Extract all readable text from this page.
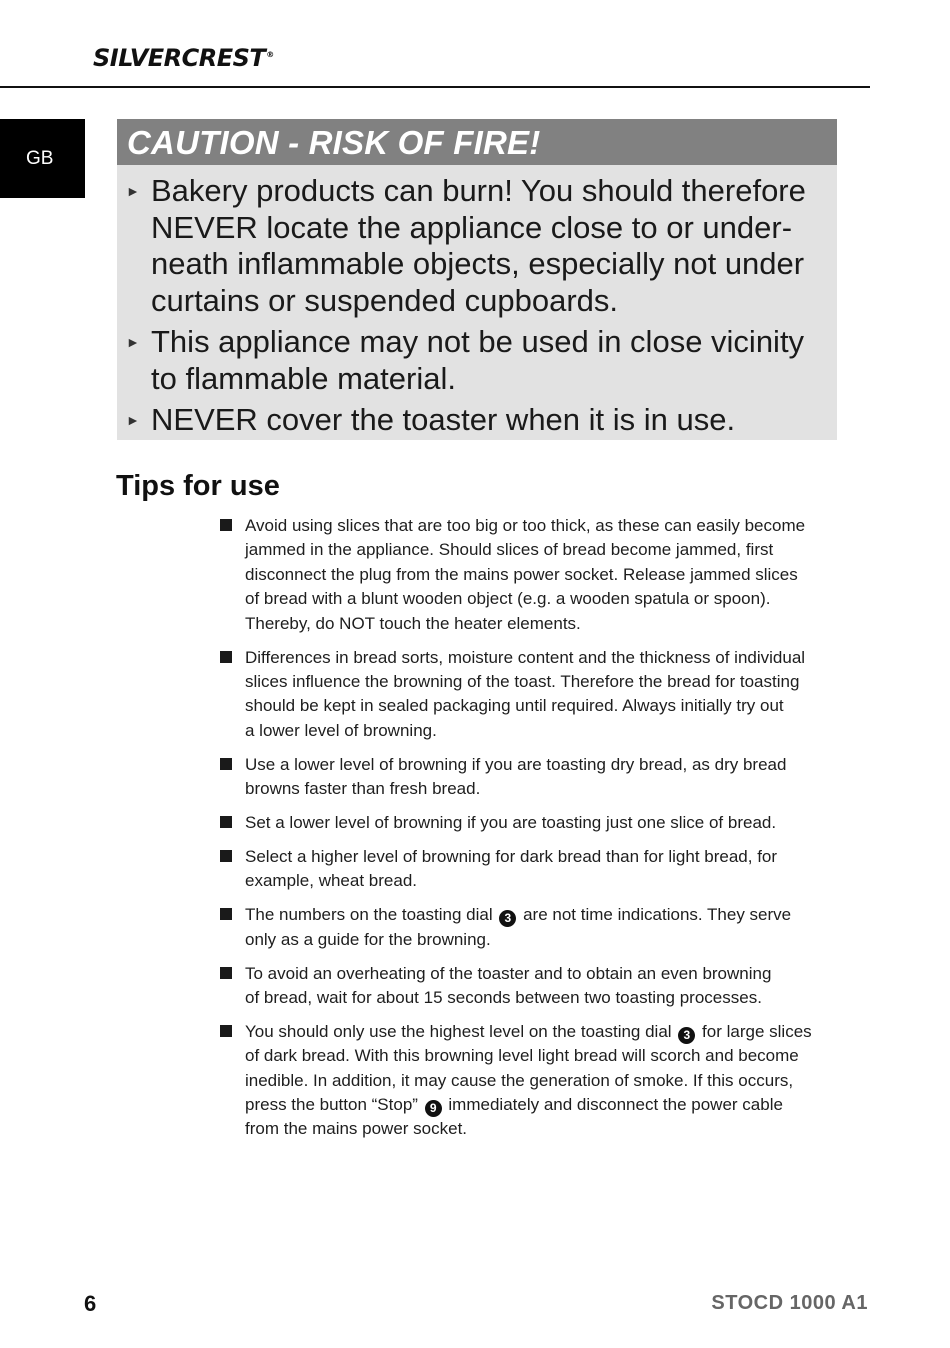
SILVERCREST®
GB	CAUTION - RISK OF FIRE!
► Bakery products can burn! You should therefore
NEVER locate the appliance close to or under-
neath inflammable objects, especially not under
curtains or suspended cupboards.
► This appliance may not be used in close vicinity
to flammable material.
► NEVER cover the toaster when it is in use.
Tips for use
Avoid using slices that are too big or too thick, as these can easily become
jammed in the appliance. Should slices of bread become jammed, first
disconnect the plug from the mains power socket. Release jammed slices
of bread with a blunt wooden object (e.g. a wooden spatula or spoon).
Thereby, do NOT touch the heater elements.
Differences in bread sorts, moisture content and the thickness of individual
slices influence the browning of the toast. Therefore the bread for toasting
should be kept in sealed packaging until required. Always initially try out
a lower level of browning.
Use a lower level of browning if you are toasting dry bread, as dry bread
browns faster than fresh bread.
Set a lower level of browning if you are toasting just one slice of bread.
Select a higher level of browning for dark bread than for light bread, for
example, wheat bread.
The numbers on the toasting dial 3 are not time indications. They serve
only as a guide for the browning.
To avoid an overheating of the toaster and to obtain an even browning
of bread, wait for about 15 seconds between two toasting processes.
You should only use the highest level on the toasting dial 3 for large slices
of dark bread. With this browning level light bread will scorch and become
inedible. In addition, it may cause the generation of smoke. If this occurs,
press the button “Stop” 9 immediately and disconnect the power cable
from the mains power socket.
6	STOCD 1000 A1
